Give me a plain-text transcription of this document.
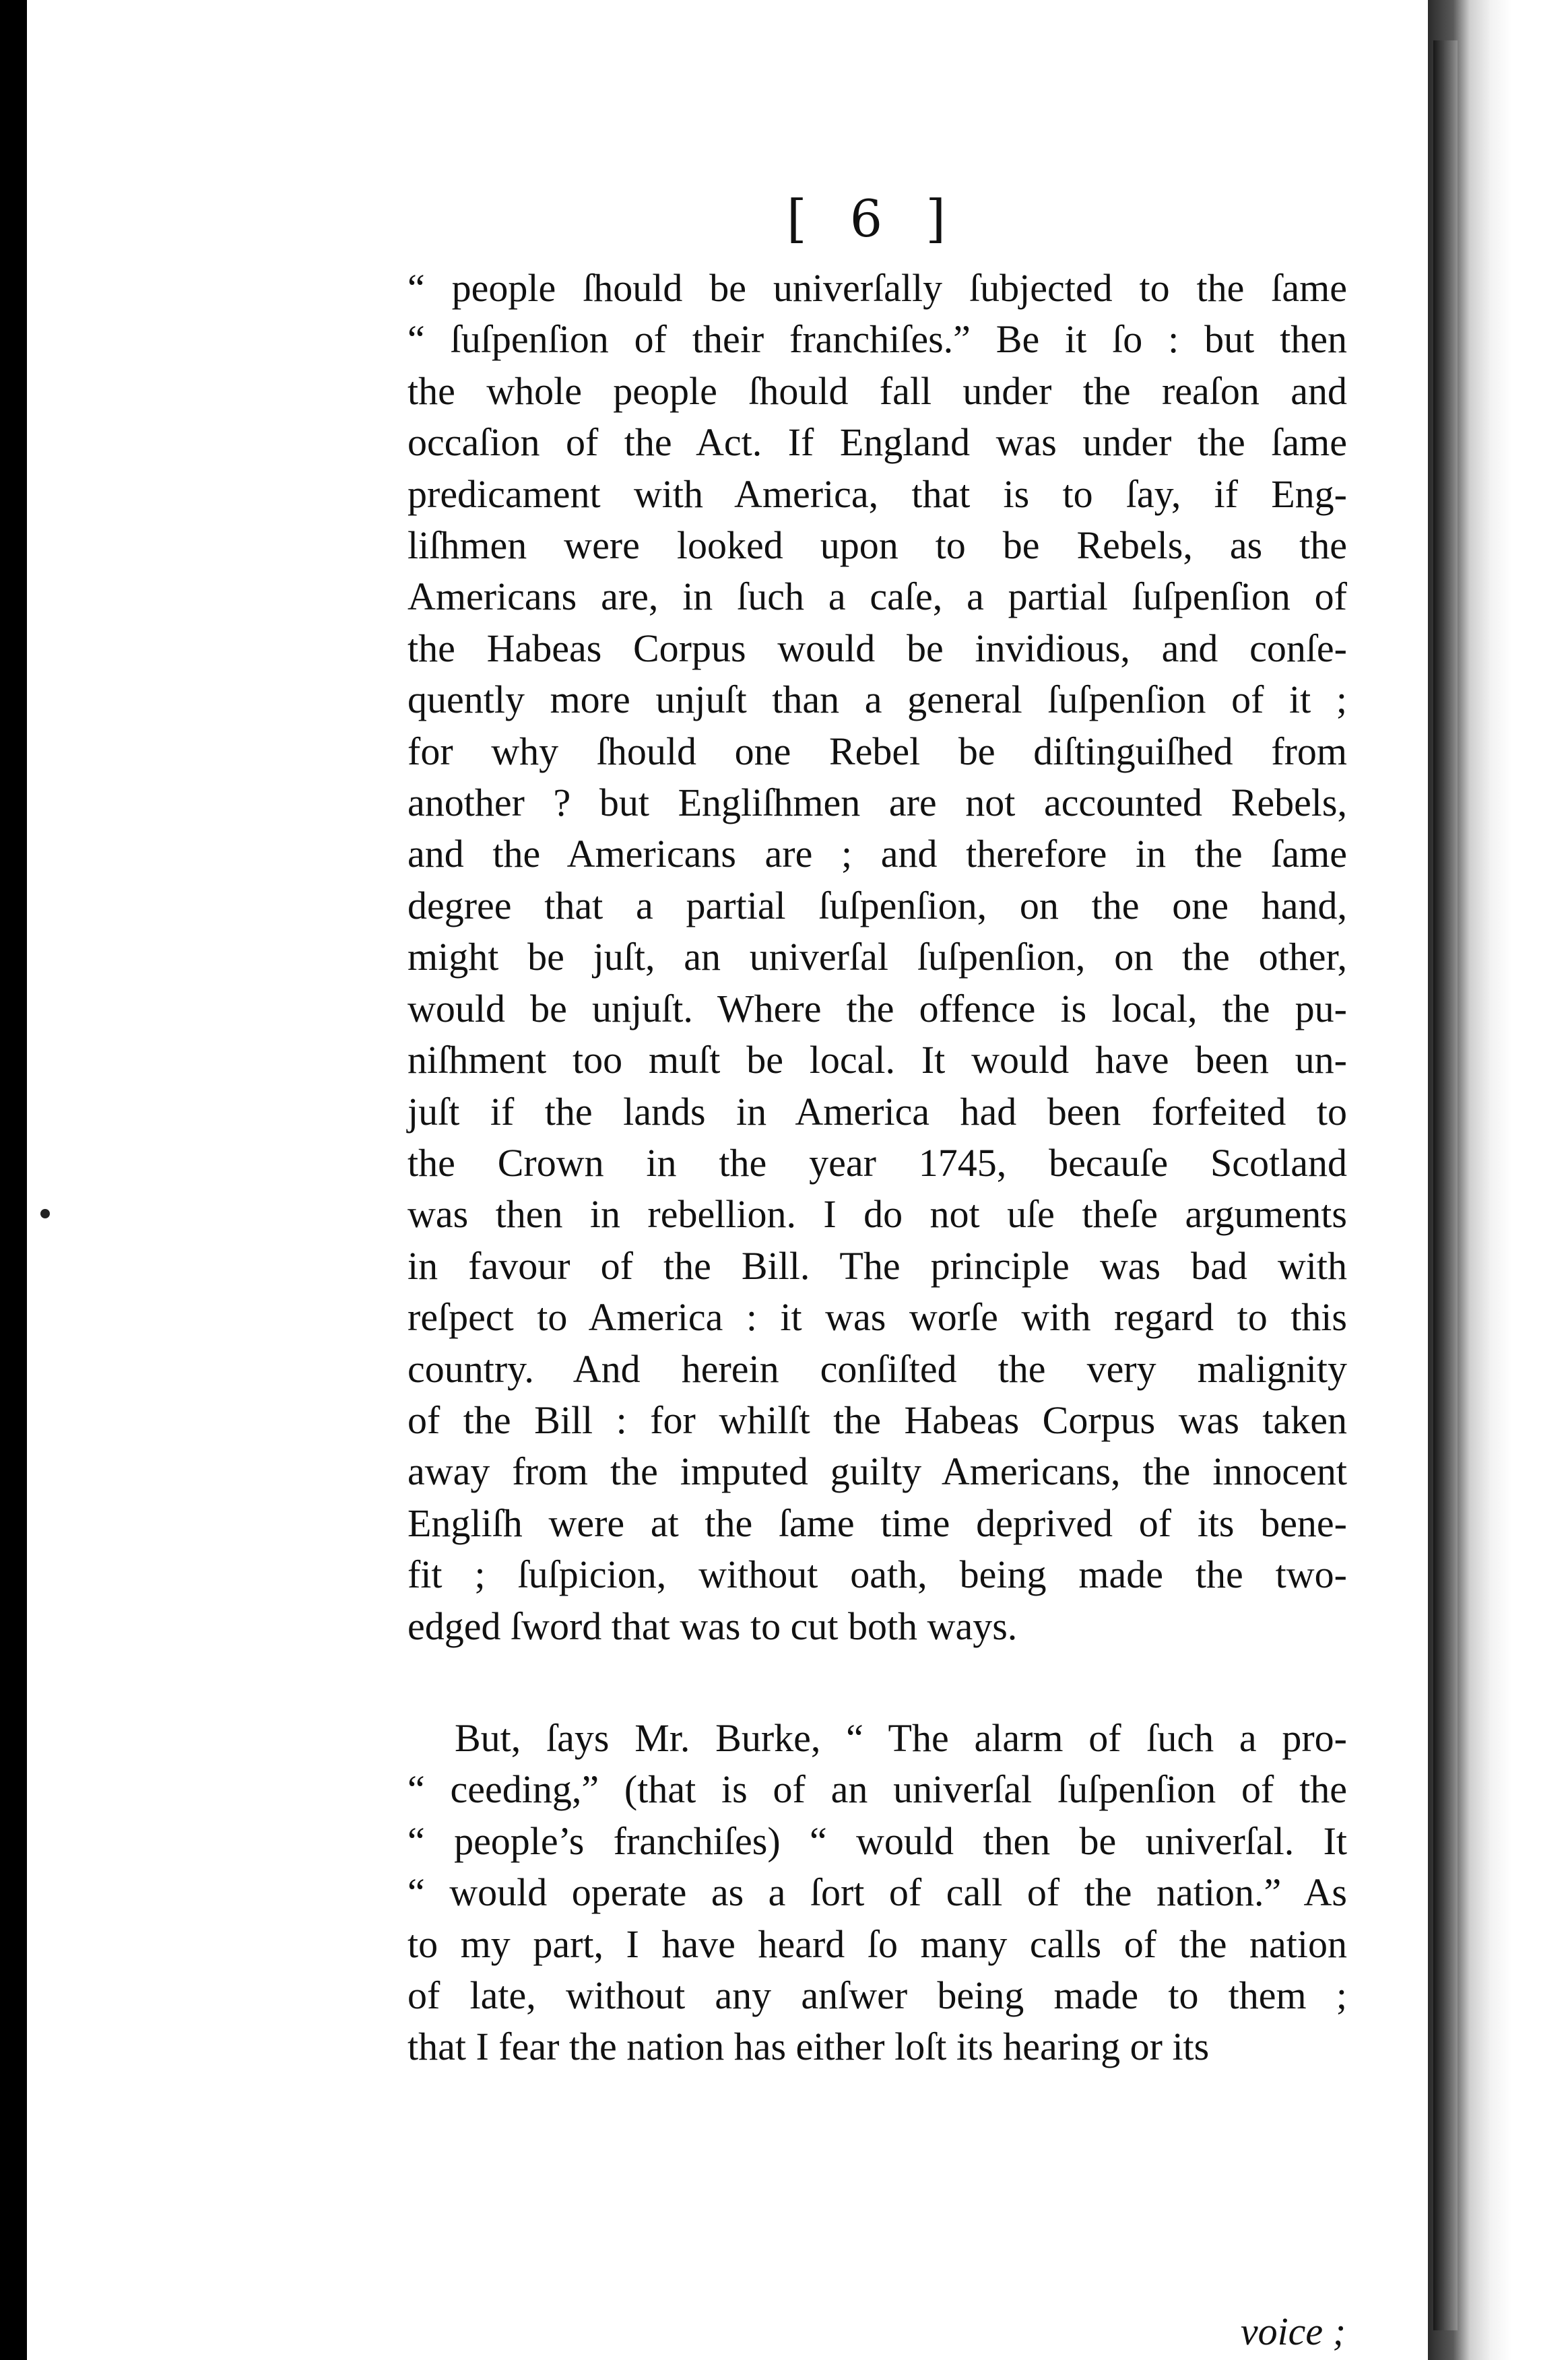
[ 6 ]
“ people ſhould be univerſally ſubjected to the ſame
“ ſuſpenſion of their franchiſes.” Be it ſo : but then
the whole people ſhould fall under the reaſon and
occaſion of the Act. If England was under the ſame
predicament with America, that is to ſay, if Eng-
liſhmen were looked upon to be Rebels, as the
Americans are, in ſuch a caſe, a partial ſuſpenſion of
the Habeas Corpus would be invidious, and conſe-
quently more unjuſt than a general ſuſpenſion of it ;
for why ſhould one Rebel be diſtinguiſhed from
another ? but Engliſhmen are not accounted Rebels,
and the Americans are ; and therefore in the ſame
degree that a partial ſuſpenſion, on the one hand,
might be juſt, an univerſal ſuſpenſion, on the other,
would be unjuſt. Where the offence is local, the pu-
niſhment too muſt be local. It would have been un-
juſt if the lands in America had been forfeited to
the Crown in the year 1745, becauſe Scotland
was then in rebellion. I do not uſe theſe arguments
in favour of the Bill. The principle was bad with
reſpect to America : it was worſe with regard to this
country. And herein conſiſted the very malignity
of the Bill : for whilſt the Habeas Corpus was taken
away from the imputed guilty Americans, the innocent
Engliſh were at the ſame time deprived of its bene-
fit ; ſuſpicion, without oath, being made the two-
edged ſword that was to cut both ways.
But, ſays Mr. Burke, “ The alarm of ſuch a pro-
“ ceeding,” (that is of an univerſal ſuſpenſion of the
“ people’s franchiſes) “ would then be univerſal. It
“ would operate as a ſort of call of the nation.” As
to my part, I have heard ſo many calls of the nation
of late, without any anſwer being made to them ;
that I fear the nation has either loſt its hearing or its
voice ;
